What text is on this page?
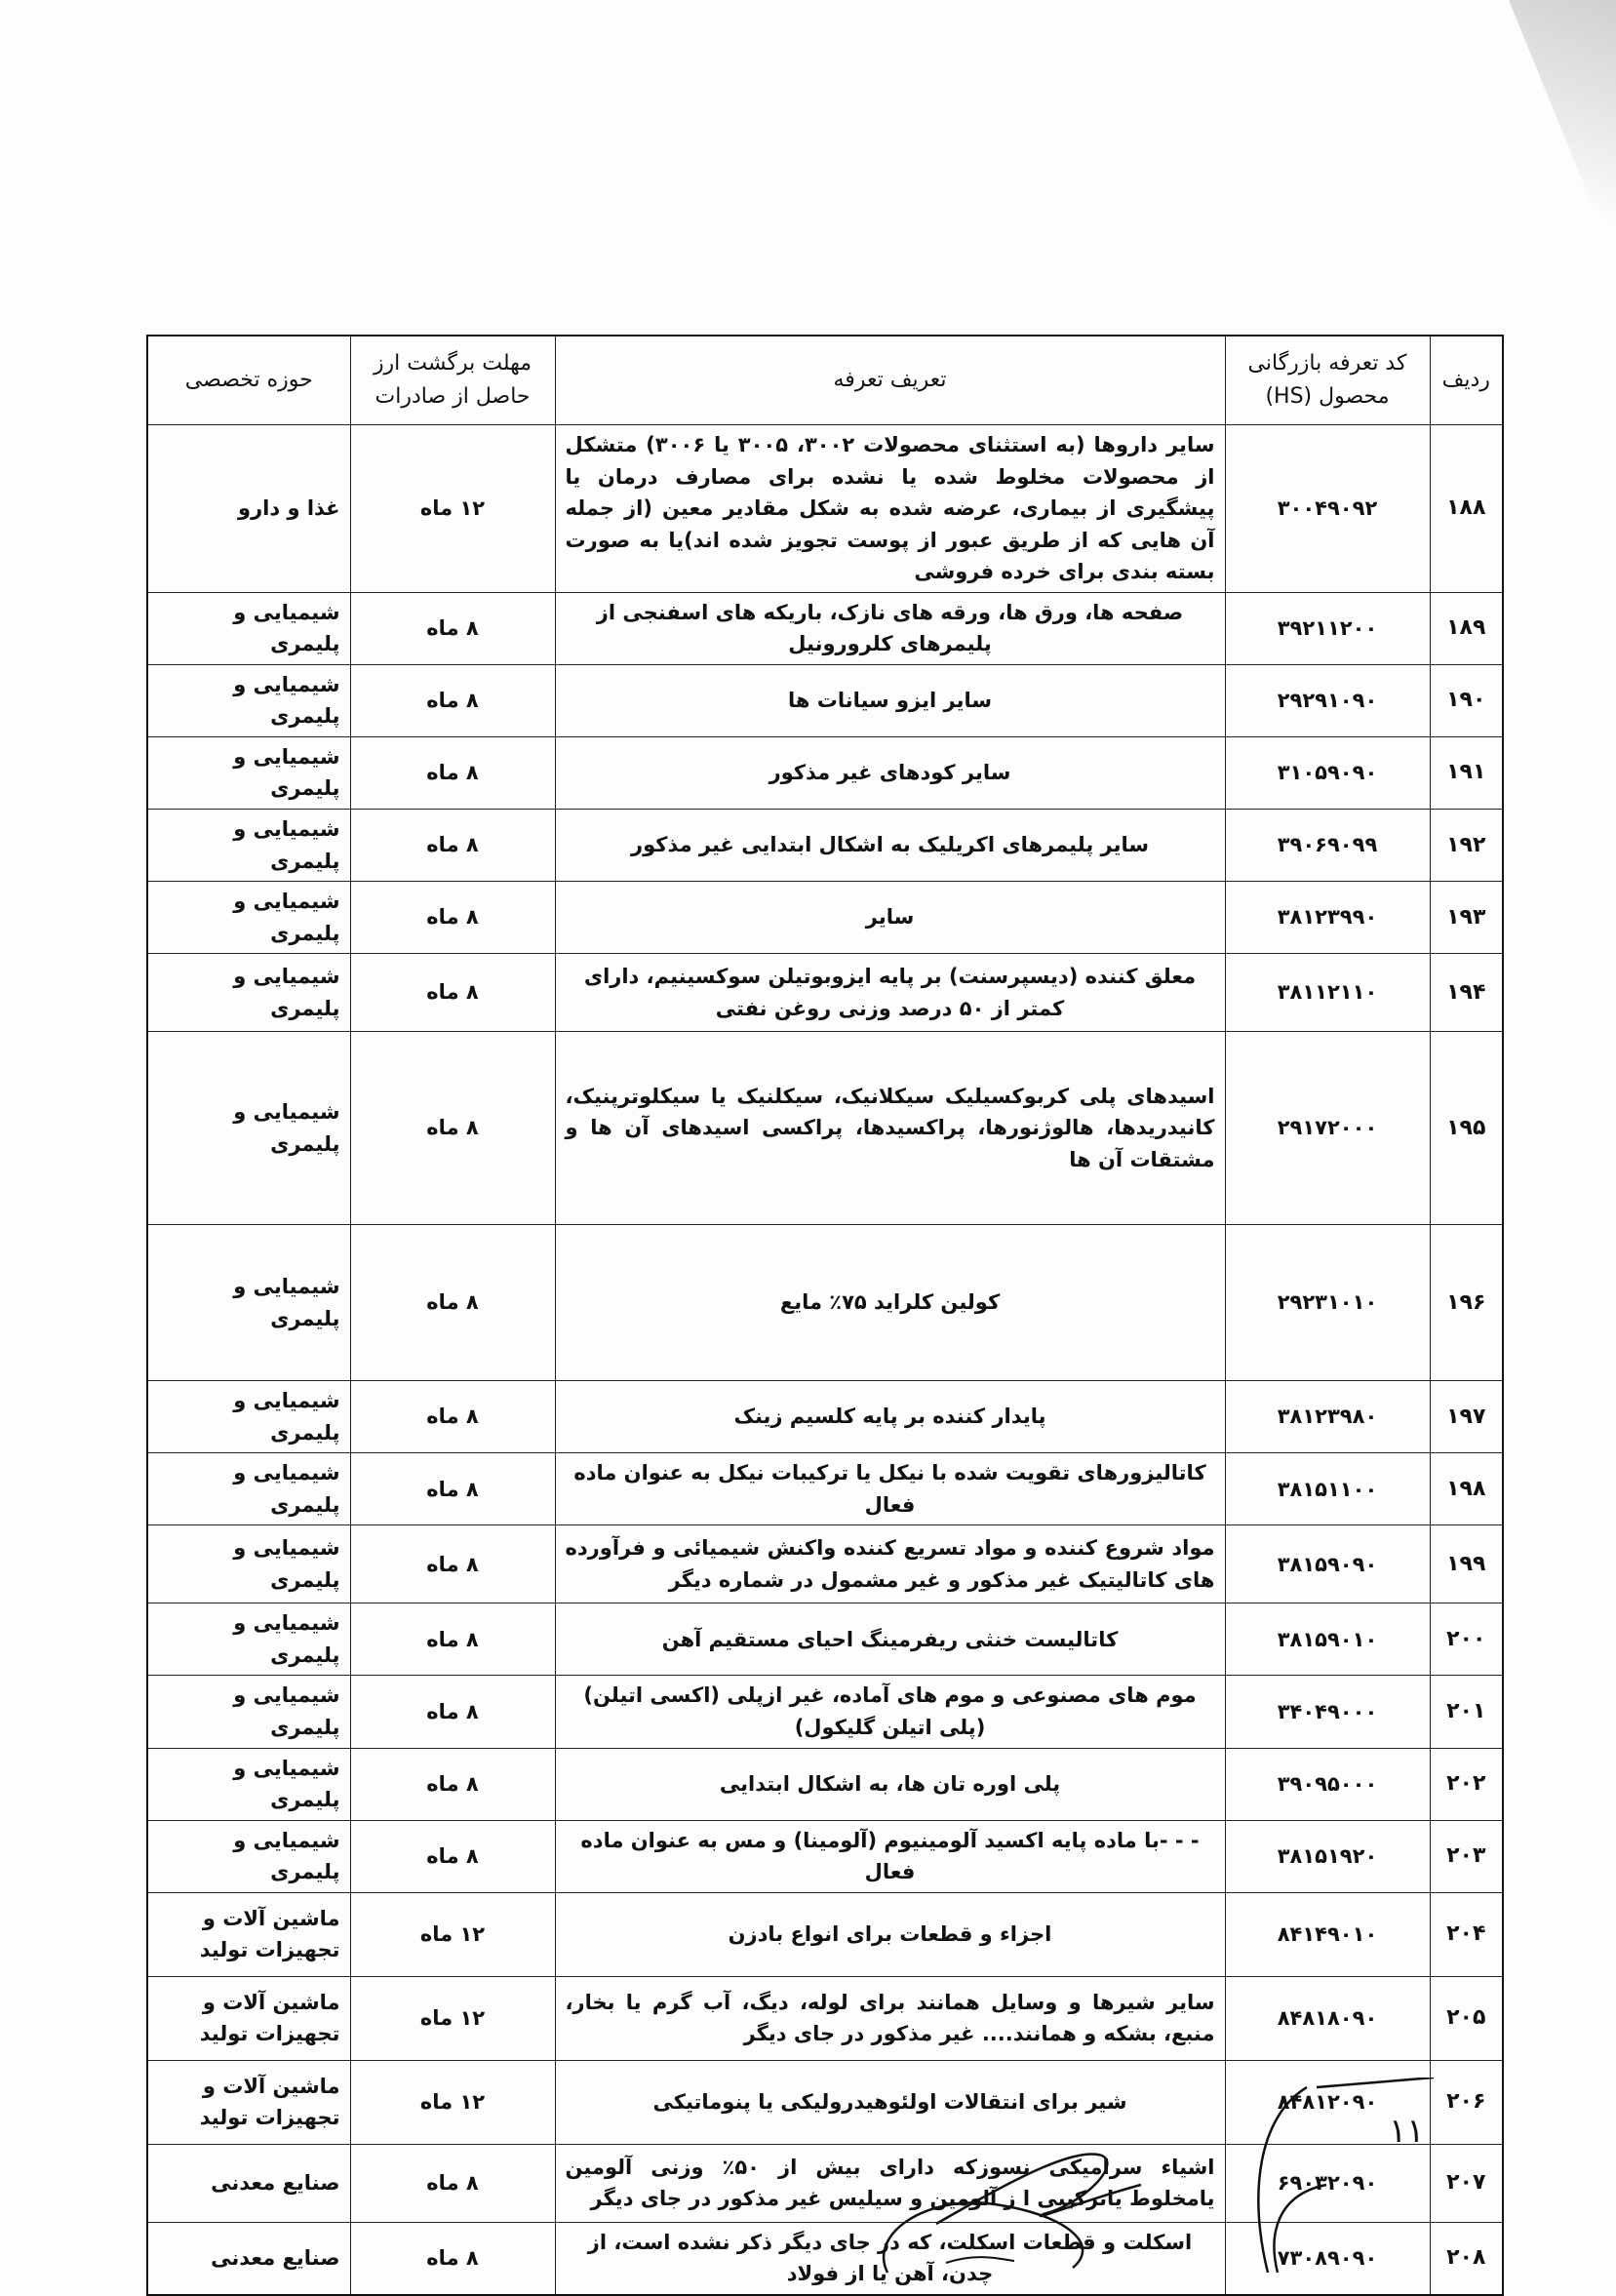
ردیف	کد تعرفه بازرگانی محصول (HS)	تعریف تعرفه	مهلت برگشت ارز حاصل از صادرات	حوزه تخصصی
۱۸۸	۳۰۰۴۹۰۹۲	سایر داروها (به استثنای محصولات ۳۰۰۲، ۳۰۰۵ یا ۳۰۰۶) متشکل از محصولات مخلوط شده یا نشده برای مصارف درمان یا پیشگیری از بیماری، عرضه شده به شکل مقادیر معین (از جمله آن هایی که از طریق عبور از پوست تجویز شده اند)یا به صورت بسته بندی برای خرده فروشی	۱۲ ماه	غذا و دارو
۱۸۹	۳۹۲۱۱۲۰۰	صفحه ها، ورق ها، ورقه های نازک، باریکه های اسفنجی از پلیمرهای کلرورونیل	۸ ماه	شیمیایی و پلیمری
۱۹۰	۲۹۲۹۱۰۹۰	سایر ایزو سیانات ها	۸ ماه	شیمیایی و پلیمری
۱۹۱	۳۱۰۵۹۰۹۰	سایر کودهای غیر مذکور	۸ ماه	شیمیایی و پلیمری
۱۹۲	۳۹۰۶۹۰۹۹	سایر پلیمرهای اکریلیک به اشکال ابتدایی غیر مذکور	۸ ماه	شیمیایی و پلیمری
۱۹۳	۳۸۱۲۳۹۹۰	سایر	۸ ماه	شیمیایی و پلیمری
۱۹۴	۳۸۱۱۲۱۱۰	معلق کننده (دیسپرسنت) بر پایه ایزوبوتیلن سوکسینیم، دارای کمتر از ۵۰ درصد وزنی روغن نفتی	۸ ماه	شیمیایی و پلیمری
۱۹۵	۲۹۱۷۲۰۰۰	اسیدهای پلی کربوکسیلیک سیکلانیک، سیکلنیک یا سیکلوترپنیک، کانیدریدها، هالوژنورها، پراکسیدها، پراکسی اسیدهای آن ها و مشتقات آن ها	۸ ماه	شیمیایی و پلیمری
۱۹۶	۲۹۲۳۱۰۱۰	کولین کلراید ۷۵٪ مایع	۸ ماه	شیمیایی و پلیمری
۱۹۷	۳۸۱۲۳۹۸۰	پایدار کننده بر پایه کلسیم زینک	۸ ماه	شیمیایی و پلیمری
۱۹۸	۳۸۱۵۱۱۰۰	کاتالیزورهای تقویت شده با نیکل یا ترکیبات نیکل به عنوان ماده فعال	۸ ماه	شیمیایی و پلیمری
۱۹۹	۳۸۱۵۹۰۹۰	مواد شروع کننده و مواد تسریع کننده واکنش شیمیائی و فرآورده های کاتالیتیک غیر مذکور و غیر مشمول در شماره دیگر	۸ ماه	شیمیایی و پلیمری
۲۰۰	۳۸۱۵۹۰۱۰	کاتالیست خنثی ریفرمینگ احیای مستقیم آهن	۸ ماه	شیمیایی و پلیمری
۲۰۱	۳۴۰۴۹۰۰۰	موم های مصنوعی و موم های آماده، غیر ازپلی (اکسی اتیلن) (پلی اتیلن گلیکول)	۸ ماه	شیمیایی و پلیمری
۲۰۲	۳۹۰۹۵۰۰۰	پلی اوره تان ها، به اشکال ابتدایی	۸ ماه	شیمیایی و پلیمری
۲۰۳	۳۸۱۵۱۹۲۰	- - -با ماده پایه اکسید آلومینیوم (آلومینا) و مس به عنوان ماده فعال	۸ ماه	شیمیایی و پلیمری
۲۰۴	۸۴۱۴۹۰۱۰	اجزاء و قطعات برای انواع بادزن	۱۲ ماه	ماشین آلات و تجهیزات تولید
۲۰۵	۸۴۸۱۸۰۹۰	سایر شیرها و وسایل همانند برای لوله، دیگ، آب گرم یا بخار، منبع، بشکه و همانند.... غیر مذکور در جای دیگر	۱۲ ماه	ماشین آلات و تجهیزات تولید
۲۰۶	۸۴۸۱۲۰۹۰	شیر برای انتقالات اولئوهیدرولیکی یا پنوماتیکی	۱۲ ماه	ماشین آلات و تجهیزات تولید
۲۰۷	۶۹۰۳۲۰۹۰	اشیاء سرامیکی نسوزکه دارای بیش از ۵۰٪ وزنی آلومین یامخلوط یاترکیبی ا ز آلومین و سیلیس غیر مذکور در جای دیگر	۸ ماه	صنایع معدنی
۲۰۸	۷۳۰۸۹۰۹۰	اسکلت و قطعات اسکلت، که در جای دیگر ذکر نشده است، از چدن، آهن یا از فولاد	۸ ماه	صنایع معدنی
۱۱
